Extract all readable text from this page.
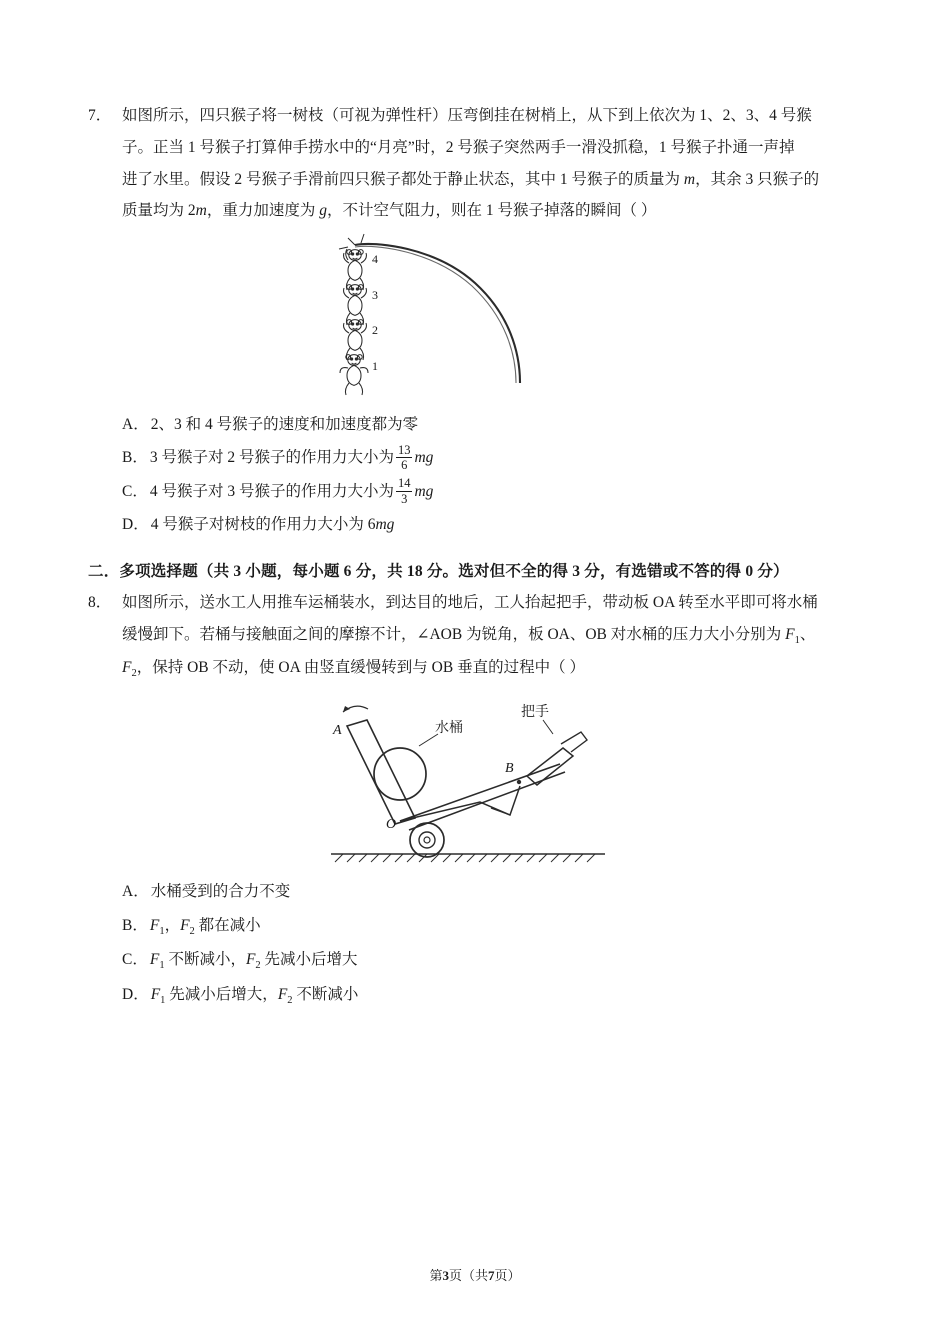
7． 如图所示，四只猴子将一树枝（可视为弹性杆）压弯倒挂在树梢上，从下到上依次为 1、2、3、4 号猴

子。正当 1 号猴子打算伸手捞水中的“月亮”时，2 号猴子突然两手一滑没抓稳，1 号猴子扑通一声掉

进了水里。假设 2 号猴子手滑前四只猴子都处于静止状态，其中 1 号猴子的质量为 m，其余 3 只猴子的

质量均为 2m，重力加速度为 g，不计空气阻力，则在 1 号猴子掉落的瞬间（ ）

4
3
2
1
A． 2、3 和 4 号猴子的速度和加速度都为零
B． 3 号猴子对 2 号猴子的作用力大小为 $\frac{13}{6}$ mg
C． 4 号猴子对 3 号猴子的作用力大小为 $\frac{14}{3}$ mg
D． 4 号猴子对树枝的作用力大小为 6mg
二．多项选择题（共 3 小题，每小题 6 分，共 18 分。选对但不全的得 3 分，有选错或不答的得 0 分）
8． 如图所示，送水工人用推车运桶装水，到达目的地后，工人抬起把手，带动板 OA 转至水平即可将水桶

缓慢卸下。若桶与接触面之间的摩擦不计，∠AOB 为锐角，板 OA、OB 对水桶的压力大小分别为 $F_1$、

$F_2$，保持 OB 不动，使 OA 由竖直缓慢转到与 OB 垂直的过程中（ ）

水桶
把手
A
B
O
A． 水桶受到的合力不变
B． $F_1$，$F_2$ 都在减小
C． $F_1$ 不断减小，$F_2$ 先减小后增大
D． $F_1$ 先减小后增大，$F_2$ 不断减小
第3页（共7页）
